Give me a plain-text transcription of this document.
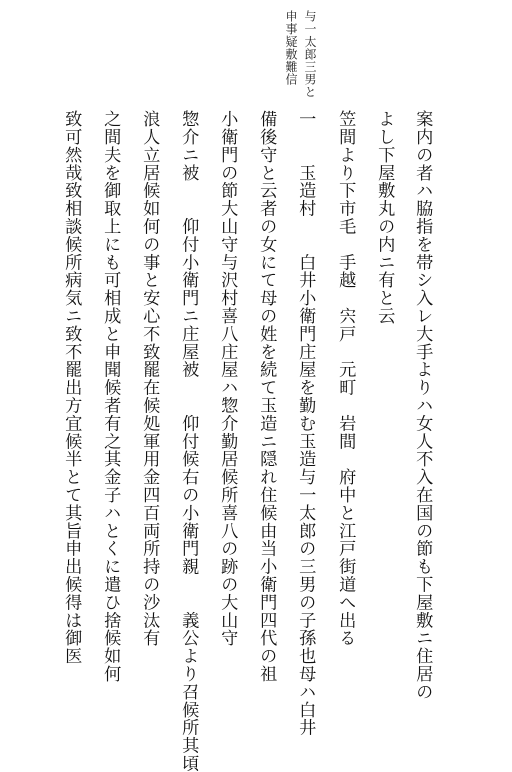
与一太郎三男と
申事疑敷難信
案内の者ハ脇指を帯シ入レ大手よりハ女人不入在国の節も下屋敷ニ住居の
よし下屋敷丸の内ニ有と云
笠間より下市毛　手越　宍戸　元町　岩間　府中と江戸街道へ出る
一　　玉造村　　白井小衛門庄屋を勤む玉造与一太郎の三男の子孫也母ハ白井
備後守と云者の女にて母の姓を続て玉造ニ隠れ住候由当小衛門四代の祖
小衛門の節大山守与沢村喜八庄屋ハ惣介勤居候所喜八の跡の大山守
惣介ニ被　　仰付小衛門ニ庄屋被　　仰付候右の小衛門親　　義公より召候所其頃
浪人立居候如何の事と安心不致罷在候処軍用金四百両所持の沙汰有
之間夫を御取上にも可相成と申聞候者有之其金子ハとくに遣ひ捨候如何
致可然哉致相談候所病気ニ致不罷出方宜候半とて其旨申出候得は御医
